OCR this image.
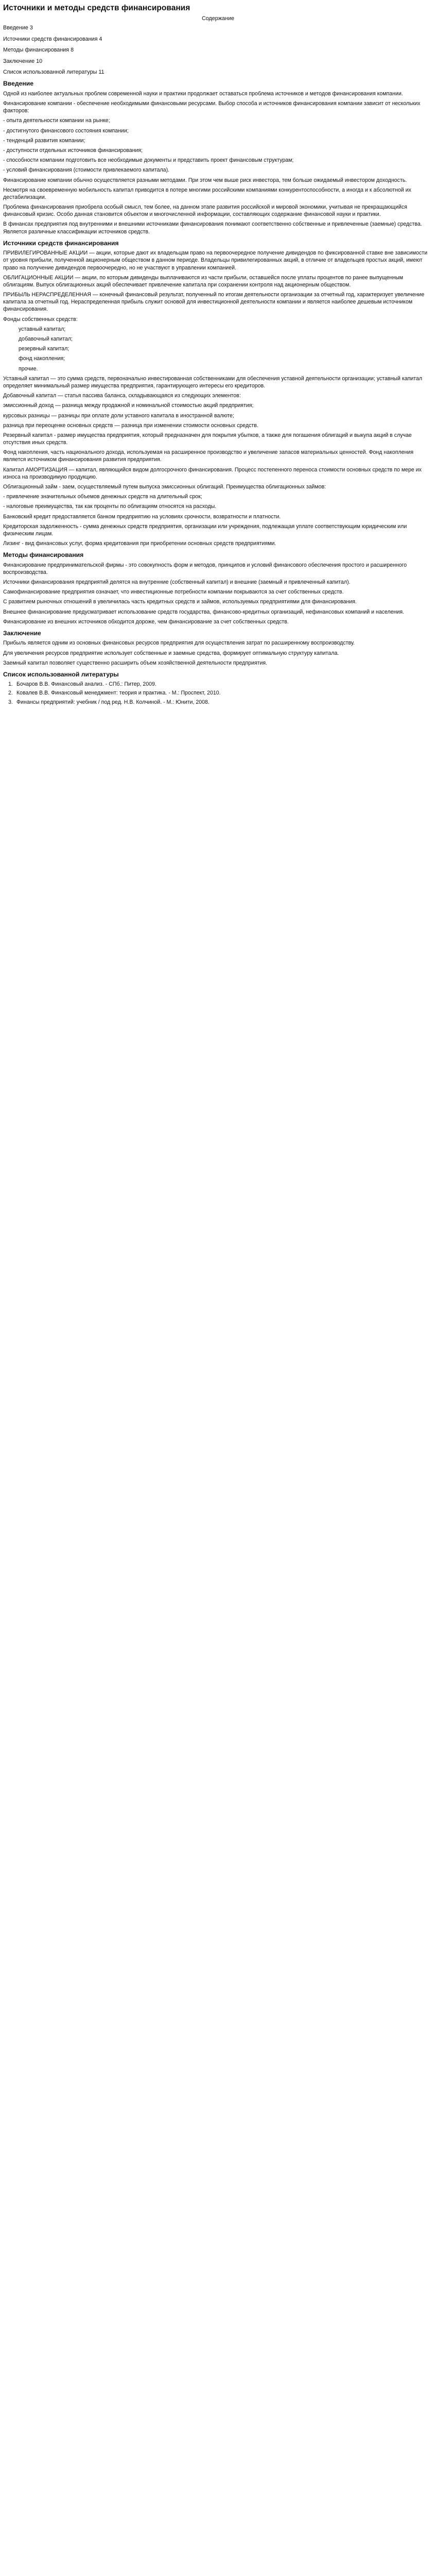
Источники и методы средств финансирования
Содержание
Введение 3
Источники средств финансирования 4
Методы финансирования 8
Заключение 10
Список использованной литературы 11
Введение

Одной из наиболее актуальных проблем современной науки и практики продолжает оставаться проблема источников и методов финансирования компании.

Финансирование компании - обеспечение необходимыми финансовыми ресурсами. Выбор способа и источников финансирования компании зависит от нескольких факторов:

- опыта деятельности компании на рынке;

- достигнутого финансового состояния компании;

- тенденций развития компании;

- доступности отдельных источников финансирования;

- способности компании подготовить все необходимые документы и представить проект финансовым структурам;

- условий финансирования (стоимости привлекаемого капитала).

Финансирование компании обычно осуществляется разными методами. При этом чем выше риск инвестора, тем больше ожидаемый инвестором доходность.

Несмотря на своевременную мобильность капитал приводится в потере многими российскими компаниями конкурентоспособности, а иногда и к абсолютной их дестабилизации.

Проблема финансирования приобрела особый смысл, тем более, на данном этапе развития российской и мировой экономики, учитывая не прекращающийся финансовый кризис. Особо данная становится объектом и многочисленной информации, составляющих содержание финансовой науки и практики.

В финансах предприятия под внутренними и внешними источниками финансирования понимают соответственно собственные и привлеченные (заемные) средства. Является различные классификации источников средств.

Источники средств финансирования

ПРИВИЛЕГИРОВАННЫЕ АКЦИИ — акции, которые дают их владельцам право на первоочередное получение дивидендов по фиксированной ставке вне зависимости от уровня прибыли, полученной акционерным обществом в данном периоде. Владельцы привилегированных акций, в отличие от владельцев простых акций, имеют право на получение дивидендов первоочередно, но не участвуют в управлении компанией.

ОБЛИГАЦИОННЫЕ АКЦИИ — акции, по которым дивиденды выплачиваются из части прибыли, оставшейся после уплаты процентов по ранее выпущенным облигациям. Выпуск облигационных акций обеспечивает привлечение капитала при сохранении контроля над акционерным обществом.

ПРИБЫЛЬ НЕРАСПРЕДЕЛЕННАЯ — конечный финансовый результат, полученный по итогам деятельности организации за отчетный год, характеризует увеличение капитала за отчетный год. Нераспределенная прибыль служит основой для инвестиционной деятельности компании и является наиболее дешевым источником финансирования.

Фонды собственных средств:

уставный капитал;

добавочный капитал;

резервный капитал;

фонд накопления;

прочие.

Уставный капитал — это сумма средств, первоначально инвестированная собственниками для обеспечения уставной деятельности организации; уставный капитал определяет минимальный размер имущества предприятия, гарантирующего интересы его кредиторов.

Добавочный капитал — статья пассива баланса, складывающаяся из следующих элементов:

эмиссионный доход — разница между продажной и номинальной стоимостью акций предприятия;

курсовых разницы — разницы при оплате доли уставного капитала в иностранной валюте;

разница при переоценке основных средств — разница при изменении стоимости основных средств.

Резервный капитал - размер имущества предприятия, который предназначен для покрытия убытков, а также для погашения облигаций и выкупа акций в случае отсутствия иных средств.

Фонд накопления, часть национального дохода, используемая на расширенное производство и увеличение запасов материальных ценностей. Фонд накопления является источником финансирования развития предприятия.

Капитал АМОРТИЗАЦИЯ — капитал, являющийся видом долгосрочного финансирования. Процесс постепенного переноса стоимости основных средств по мере их износа на производимую продукцию.

Облигационный займ - заем, осуществляемый путем выпуска эмиссионных облигаций. Преимущества облигационных займов:

- привлечение значительных объемов денежных средств на длительный срок;

- налоговые преимущества, так как проценты по облигациям относятся на расходы.

Банковский кредит предоставляется банком предприятию на условиях срочности, возвратности и платности.

Кредиторская задолженность - сумма денежных средств предприятия, организации или учреждения, подлежащая уплате соответствующим юридическим или физическим лицам.

Лизинг - вид финансовых услуг, форма кредитования при приобретении основных средств предприятиями.

Методы финансирования

Финансирование предпринимательской фирмы - это совокупность форм и методов, принципов и условий финансового обеспечения простого и расширенного воспроизводства.

Источники финансирования предприятий делятся на внутренние (собственный капитал) и внешние (заемный и привлеченный капитал).

Самофинансирование предприятия означает, что инвестиционные потребности компании покрываются за счет собственных средств.

С развитием рыночных отношений в увеличилась часть кредитных средств и займов, используемых предприятиями для финансирования.

Внешнее финансирование предусматривает использование средств государства, финансово-кредитных организаций, нефинансовых компаний и населения.

Финансирование из внешних источников обходится дороже, чем финансирование за счет собственных средств.

Заключение

Прибыль является одним из основных финансовых ресурсов предприятия для осуществления затрат по расширенному воспроизводству.

Для увеличения ресурсов предприятие использует собственные и заемные средства, формирует оптимальную структуру капитала.

Заемный капитал позволяет существенно расширить объем хозяйственной деятельности предприятия.

Список использованной литературы
1. Бочаров В.В. Финансовый анализ. - СПб.: Питер, 2009.
2. Ковалев В.В. Финансовый менеджмент: теория и практика. - М.: Проспект, 2010.
3. Финансы предприятий: учебник / под ред. Н.В. Колчиной. - М.: Юнити, 2008.
